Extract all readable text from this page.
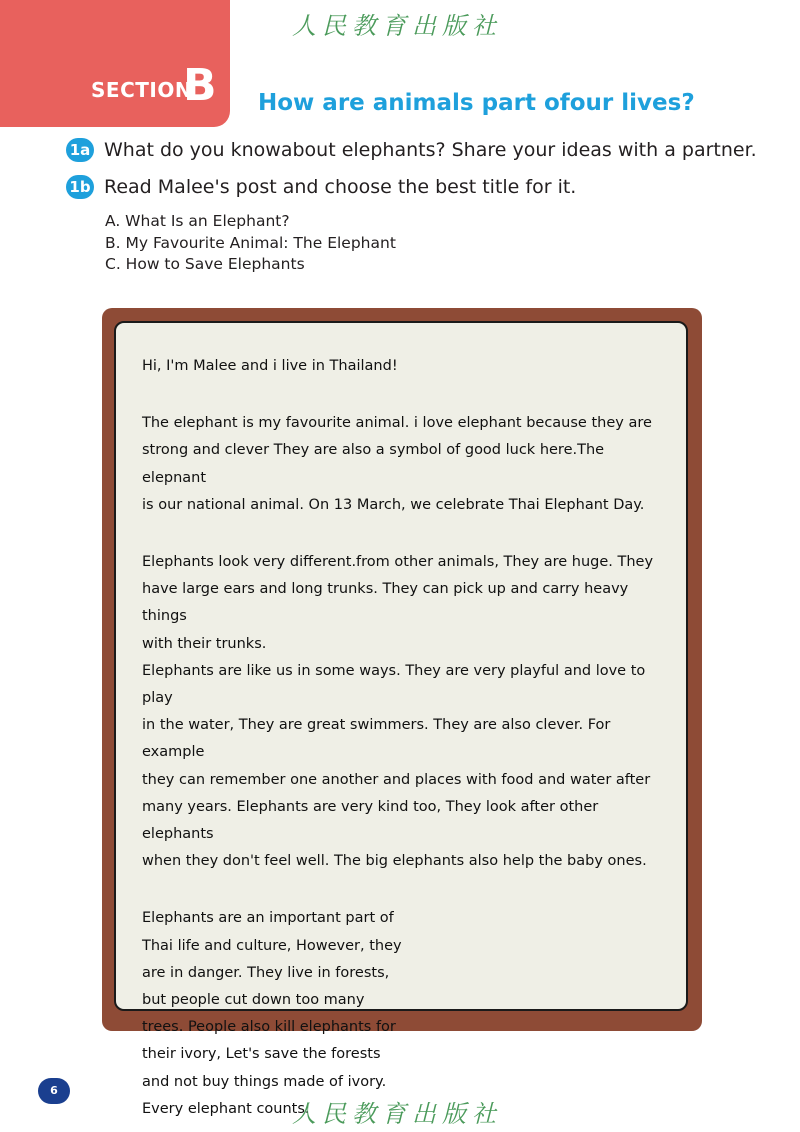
人民教育出版社
SECTION
B How are animals part ofour lives?
1a What do you knowabout elephants? Share your ideas with a partner.
1b Read Malee's post and choose the best title for it.
A. What Is an Elephant?
B. My Favourite Animal: The Elephant
C. How to Save Elephants

Hi, I'm Malee and i live in Thailand!

The elephant is my favourite animal. i love elephant because they are

strong and clever They are also a symbol of good luck here.The elepnant

is our national animal. On 13 March, we celebrate Thai Elephant Day.

Elephants look very different.from other animals, They are huge. They

have large ears and long trunks. They can pick up and carry heavy things

with their trunks.

Elephants are like us in some ways. They are very playful and love to play

in the water, They are great swimmers. They are also clever. For example

they can remember one another and places with food and water after

many years. Elephants are very kind too, They look after other elephants

when they don't feel well. The big elephants also help the baby ones.

Elephants are an important part of

Thai life and culture, However, they

are in danger. They live in forests,

but people cut down too many

trees. People also kill elephants for

their ivory, Let's save the forests

and not buy things made of ivory.

Every elephant counts.

6
人民教育出版社
